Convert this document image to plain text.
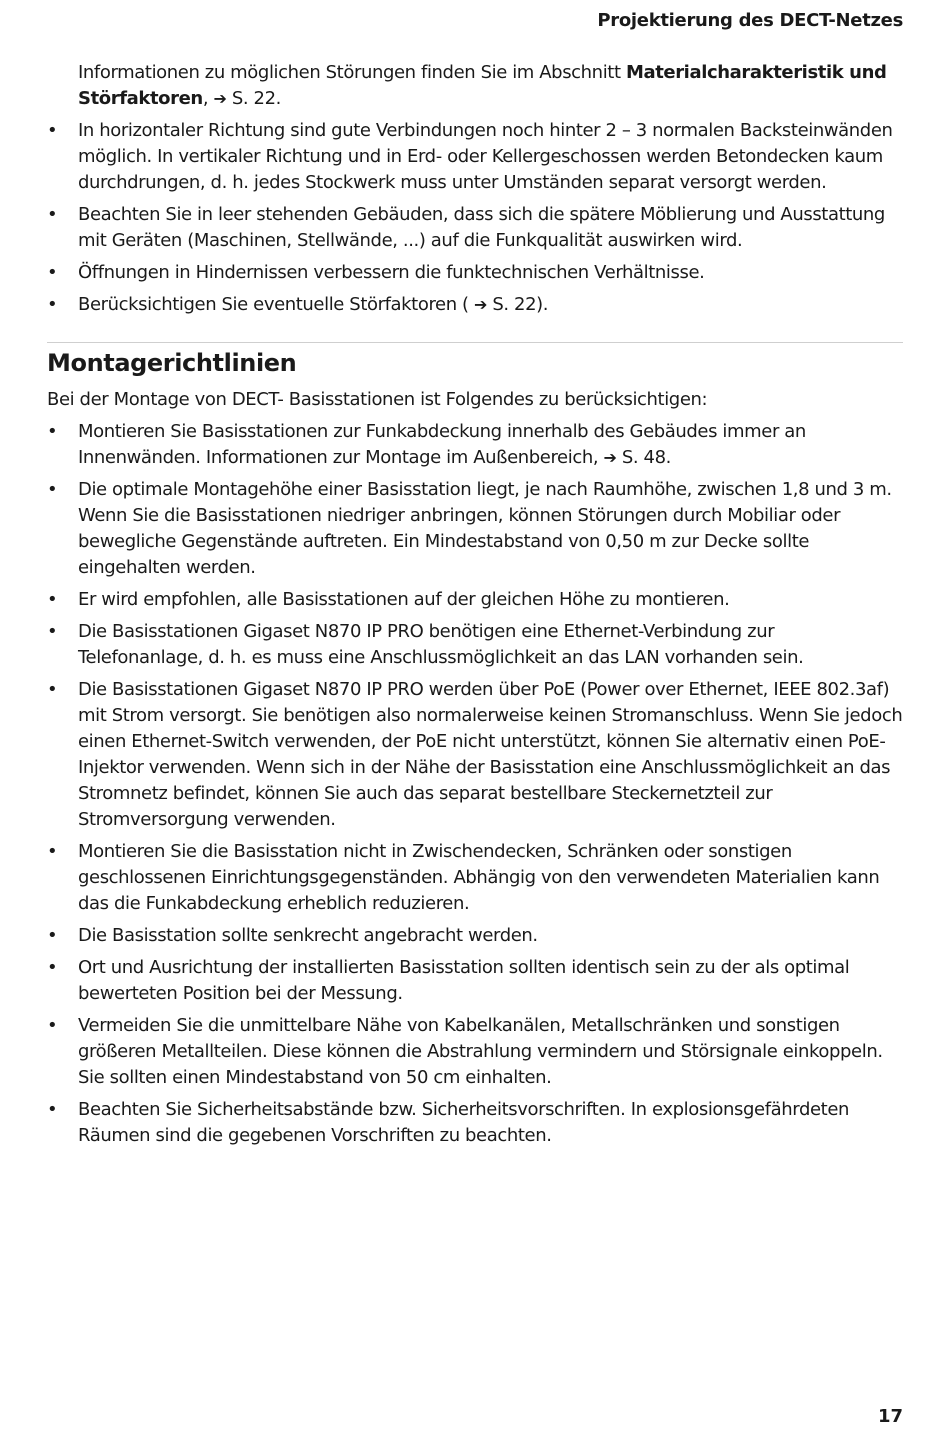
Projektierung des DECT-Netzes

Informationen zu möglichen Störungen finden Sie im Abschnitt Materialcharakteristik und Störfaktoren, ➔ S. 22.

• In horizontaler Richtung sind gute Verbindungen noch hinter 2 – 3 normalen Backsteinwänden möglich. In vertikaler Richtung und in Erd- oder Kellergeschossen werden Betondecken kaum durchdrungen, d. h. jedes Stockwerk muss unter Umständen separat versorgt werden.
• Beachten Sie in leer stehenden Gebäuden, dass sich die spätere Möblierung und Ausstattung mit Geräten (Maschinen, Stellwände, ...) auf die Funkqualität auswirken wird.
• Öffnungen in Hindernissen verbessern die funktechnischen Verhältnisse.
• Berücksichtigen Sie eventuelle Störfaktoren ( ➔ S. 22).
Montagerichtlinien

Bei der Montage von DECT- Basisstationen ist Folgendes zu berücksichtigen:

• Montieren Sie Basisstationen zur Funkabdeckung innerhalb des Gebäudes immer an Innenwänden. Informationen zur Montage im Außenbereich, ➔ S. 48.
• Die optimale Montagehöhe einer Basisstation liegt, je nach Raumhöhe, zwischen 1,8 und 3 m. Wenn Sie die Basisstationen niedriger anbringen, können Störungen durch Mobiliar oder bewegliche Gegenstände auftreten. Ein Mindestabstand von 0,50 m zur Decke sollte eingehalten werden.
• Er wird empfohlen, alle Basisstationen auf der gleichen Höhe zu montieren.
• Die Basisstationen Gigaset N870 IP PRO benötigen eine Ethernet-Verbindung zur Telefonanlage, d. h. es muss eine Anschlussmöglichkeit an das LAN vorhanden sein.
• Die Basisstationen Gigaset N870 IP PRO werden über PoE (Power over Ethernet, IEEE 802.3af) mit Strom versorgt. Sie benötigen also normalerweise keinen Stromanschluss. Wenn Sie jedoch einen Ethernet-Switch verwenden, der PoE nicht unterstützt, können Sie alternativ einen PoE-Injektor verwenden. Wenn sich in der Nähe der Basisstation eine Anschlussmöglichkeit an das Stromnetz befindet, können Sie auch das separat bestellbare Steckernetzteil zur Stromversorgung verwenden.
• Montieren Sie die Basisstation nicht in Zwischendecken, Schränken oder sonstigen geschlossenen Einrichtungsgegenständen. Abhängig von den verwendeten Materialien kann das die Funkabdeckung erheblich reduzieren.
• Die Basisstation sollte senkrecht angebracht werden.
• Ort und Ausrichtung der installierten Basisstation sollten identisch sein zu der als optimal bewerteten Position bei der Messung.
• Vermeiden Sie die unmittelbare Nähe von Kabelkanälen, Metallschränken und sonstigen größeren Metallteilen. Diese können die Abstrahlung vermindern und Störsignale einkoppeln. Sie sollten einen Mindestabstand von 50 cm einhalten.
• Beachten Sie Sicherheitsabstände bzw. Sicherheitsvorschriften. In explosionsgefährdeten Räumen sind die gegebenen Vorschriften zu beachten.
17
